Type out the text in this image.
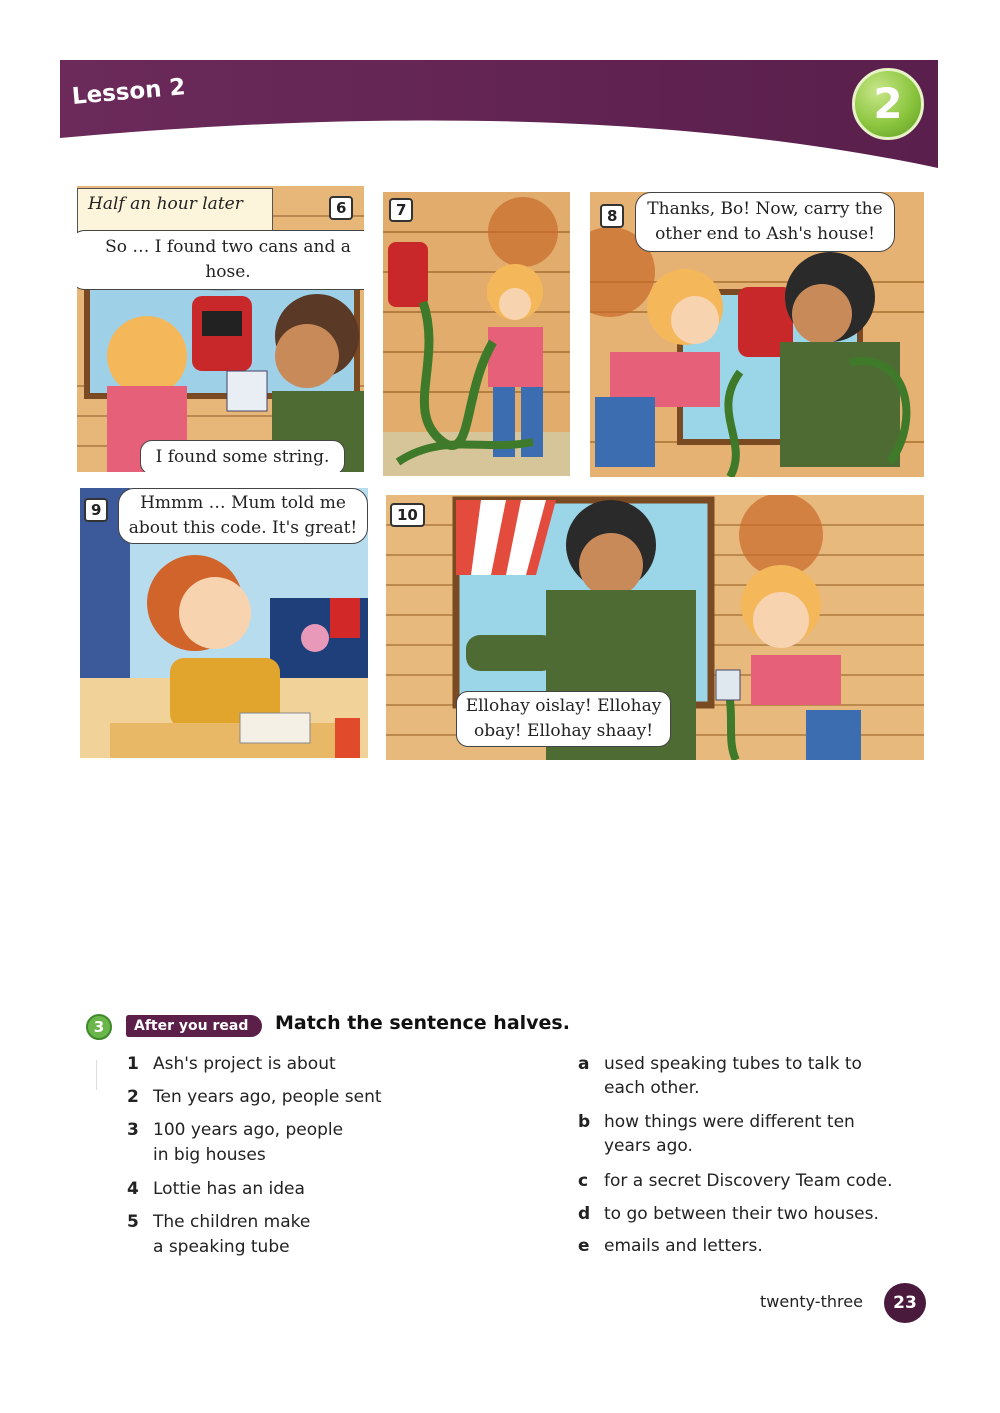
Lesson 2	2
Half an hour later	6
So … I found two cans and a hose.
I found some string.
7	8	Thanks, Bo! Now, carry the other end to Ash's house!
9	Hmmm … Mum told me about this code. It's great!
10
Ellohay oislay! Ellohay obay! Ellohay shaay!
3	After you read	Match the sentence halves.
1 Ash's project is about
2 Ten years ago, people sent
3 100 years ago, people
in big houses
4 Lottie has an idea
5 The children make
a speaking tube
a used speaking tubes to talk to
each other.
b how things were different ten
years ago.
c for a secret Discovery Team code.
d to go between their two houses.
e emails and letters.
twenty-three	23
